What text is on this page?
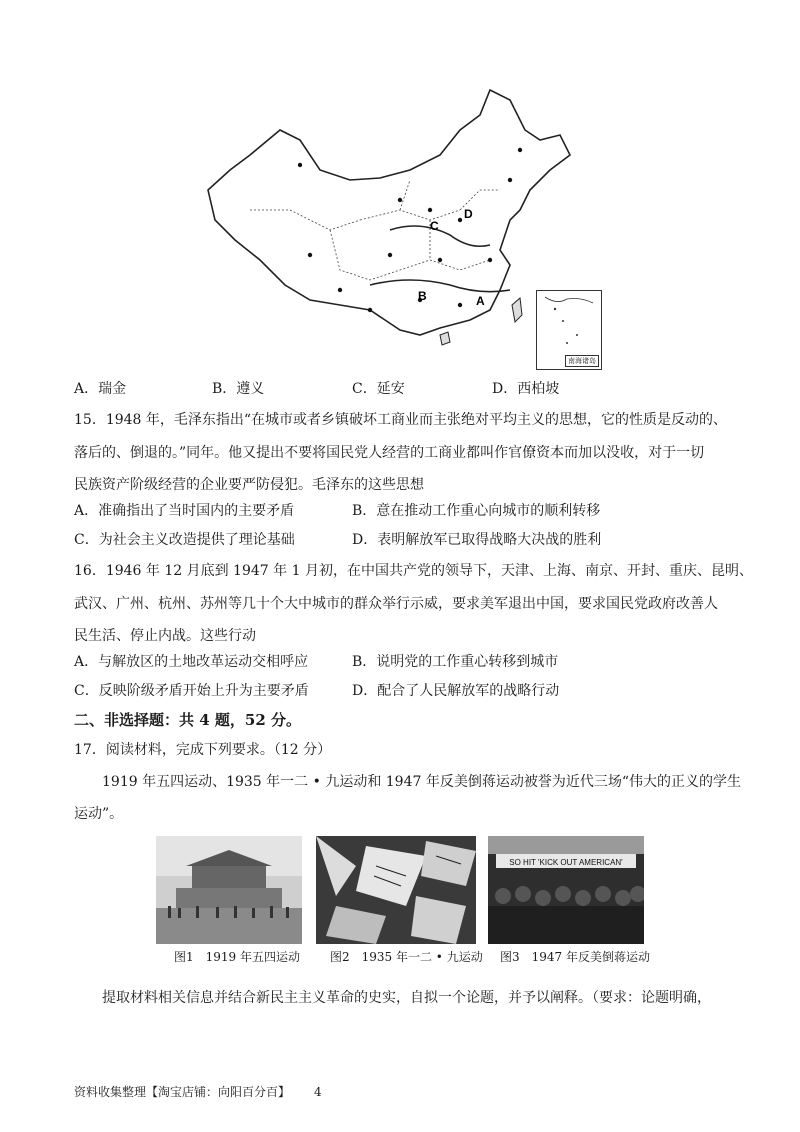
D
C
B	A
南海诸岛
A．瑞金	B．遵义	C．延安	D．西柏坡
15．1948 年，毛泽东指出“在城市或者乡镇破坏工商业而主张绝对平均主义的思想，它的性质是反动的、
落后的、倒退的。”同年。他又提出不要将国民党人经营的工商业都叫作官僚资本而加以没收，对于一切
民族资产阶级经营的企业要严防侵犯。毛泽东的这些思想
A．准确指出了当时国内的主要矛盾	B．意在推动工作重心向城市的顺利转移
C．为社会主义改造提供了理论基础	D．表明解放军已取得战略大决战的胜利
16．1946 年 12 月底到 1947 年 1 月初，在中国共产党的领导下，天津、上海、南京、开封、重庆、昆明、
武汉、广州、杭州、苏州等几十个大中城市的群众举行示威，要求美军退出中国，要求国民党政府改善人
民生活、停止内战。这些行动
A．与解放区的土地改革运动交相呼应	B．说明党的工作重心转移到城市
C．反映阶级矛盾开始上升为主要矛盾	D．配合了人民解放军的战略行动
二、非选择题：共 4 题，52 分。
17．阅读材料，完成下列要求。（12 分）
1919 年五四运动、1935 年一二 • 九运动和 1947 年反美倒蒋运动被誉为近代三场“伟大的正义的学生
运动”。
SO HIT 'KICK OUT AMERICAN'
图1　1919 年五四运动	图2　1935 年一二 • 九运动 图3　1947 年反美倒蒋运动
提取材料相关信息并结合新民主主义革命的史实，自拟一个论题，并予以阐释。（要求：论题明确，
资料收集整理【淘宝店铺：向阳百分百】 4
